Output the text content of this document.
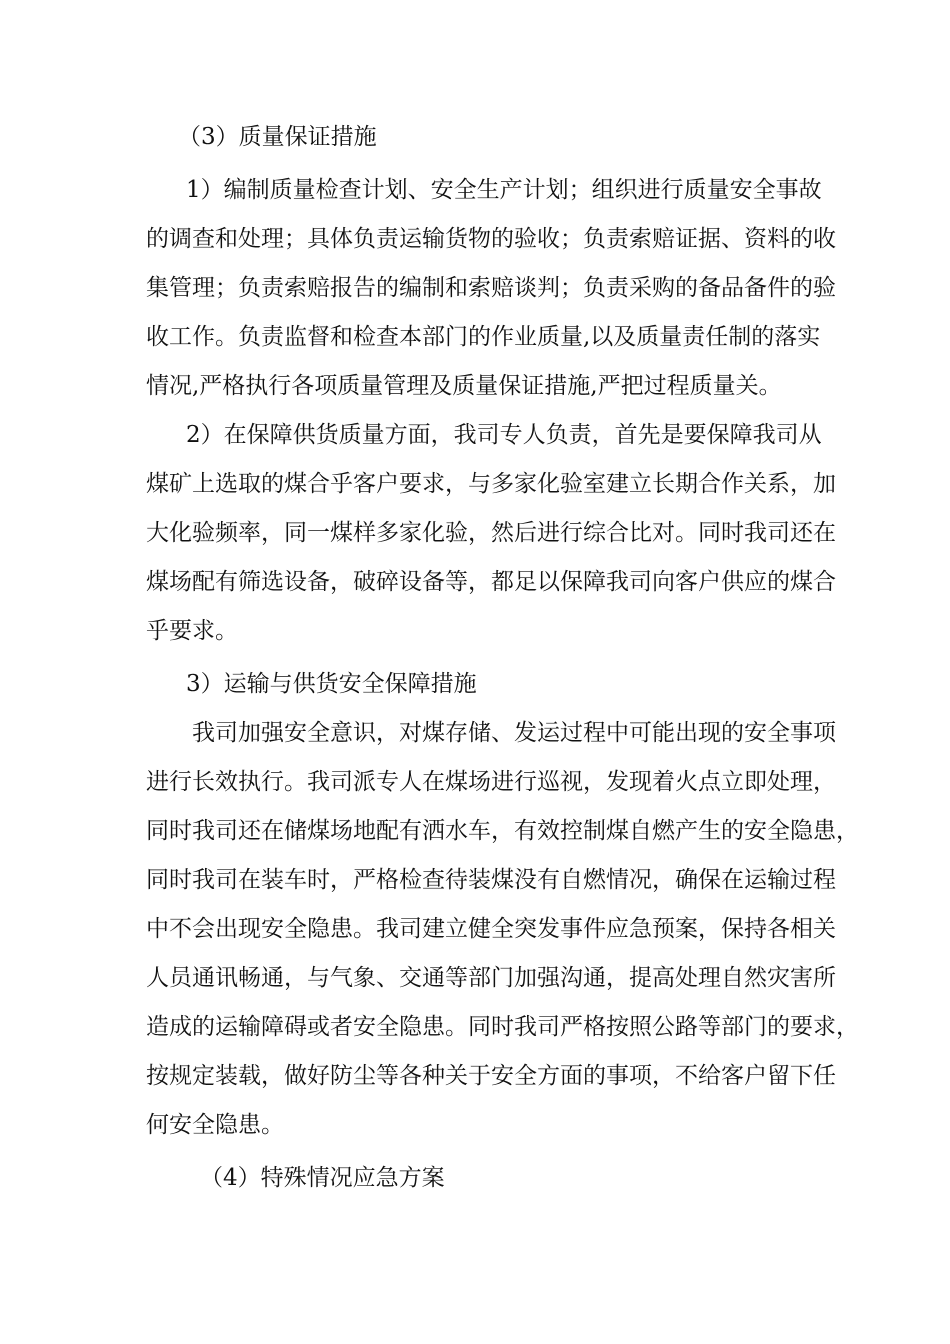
（3）质量保证措施
1）编制质量检查计划、安全生产计划；组织进行质量安全事故
的调查和处理；具体负责运输货物的验收；负责索赔证据、资料的收
集管理；负责索赔报告的编制和索赔谈判；负责采购的备品备件的验
收工作。负责监督和检查本部门的作业质量,以及质量责任制的落实
情况,严格执行各项质量管理及质量保证措施,严把过程质量关。
2）在保障供货质量方面，我司专人负责，首先是要保障我司从
煤矿上选取的煤合乎客户要求，与多家化验室建立长期合作关系，加
大化验频率，同一煤样多家化验，然后进行综合比对。同时我司还在
煤场配有筛选设备，破碎设备等，都足以保障我司向客户供应的煤合
乎要求。
3）运输与供货安全保障措施
我司加强安全意识，对煤存储、发运过程中可能出现的安全事项
进行长效执行。我司派专人在煤场进行巡视，发现着火点立即处理，
同时我司还在储煤场地配有洒水车，有效控制煤自燃产生的安全隐患，
同时我司在装车时，严格检查待装煤没有自燃情况，确保在运输过程
中不会出现安全隐患。我司建立健全突发事件应急预案，保持各相关
人员通讯畅通，与气象、交通等部门加强沟通，提高处理自然灾害所
造成的运输障碍或者安全隐患。同时我司严格按照公路等部门的要求，
按规定装载，做好防尘等各种关于安全方面的事项，不给客户留下任
何安全隐患。
（4）特殊情况应急方案
